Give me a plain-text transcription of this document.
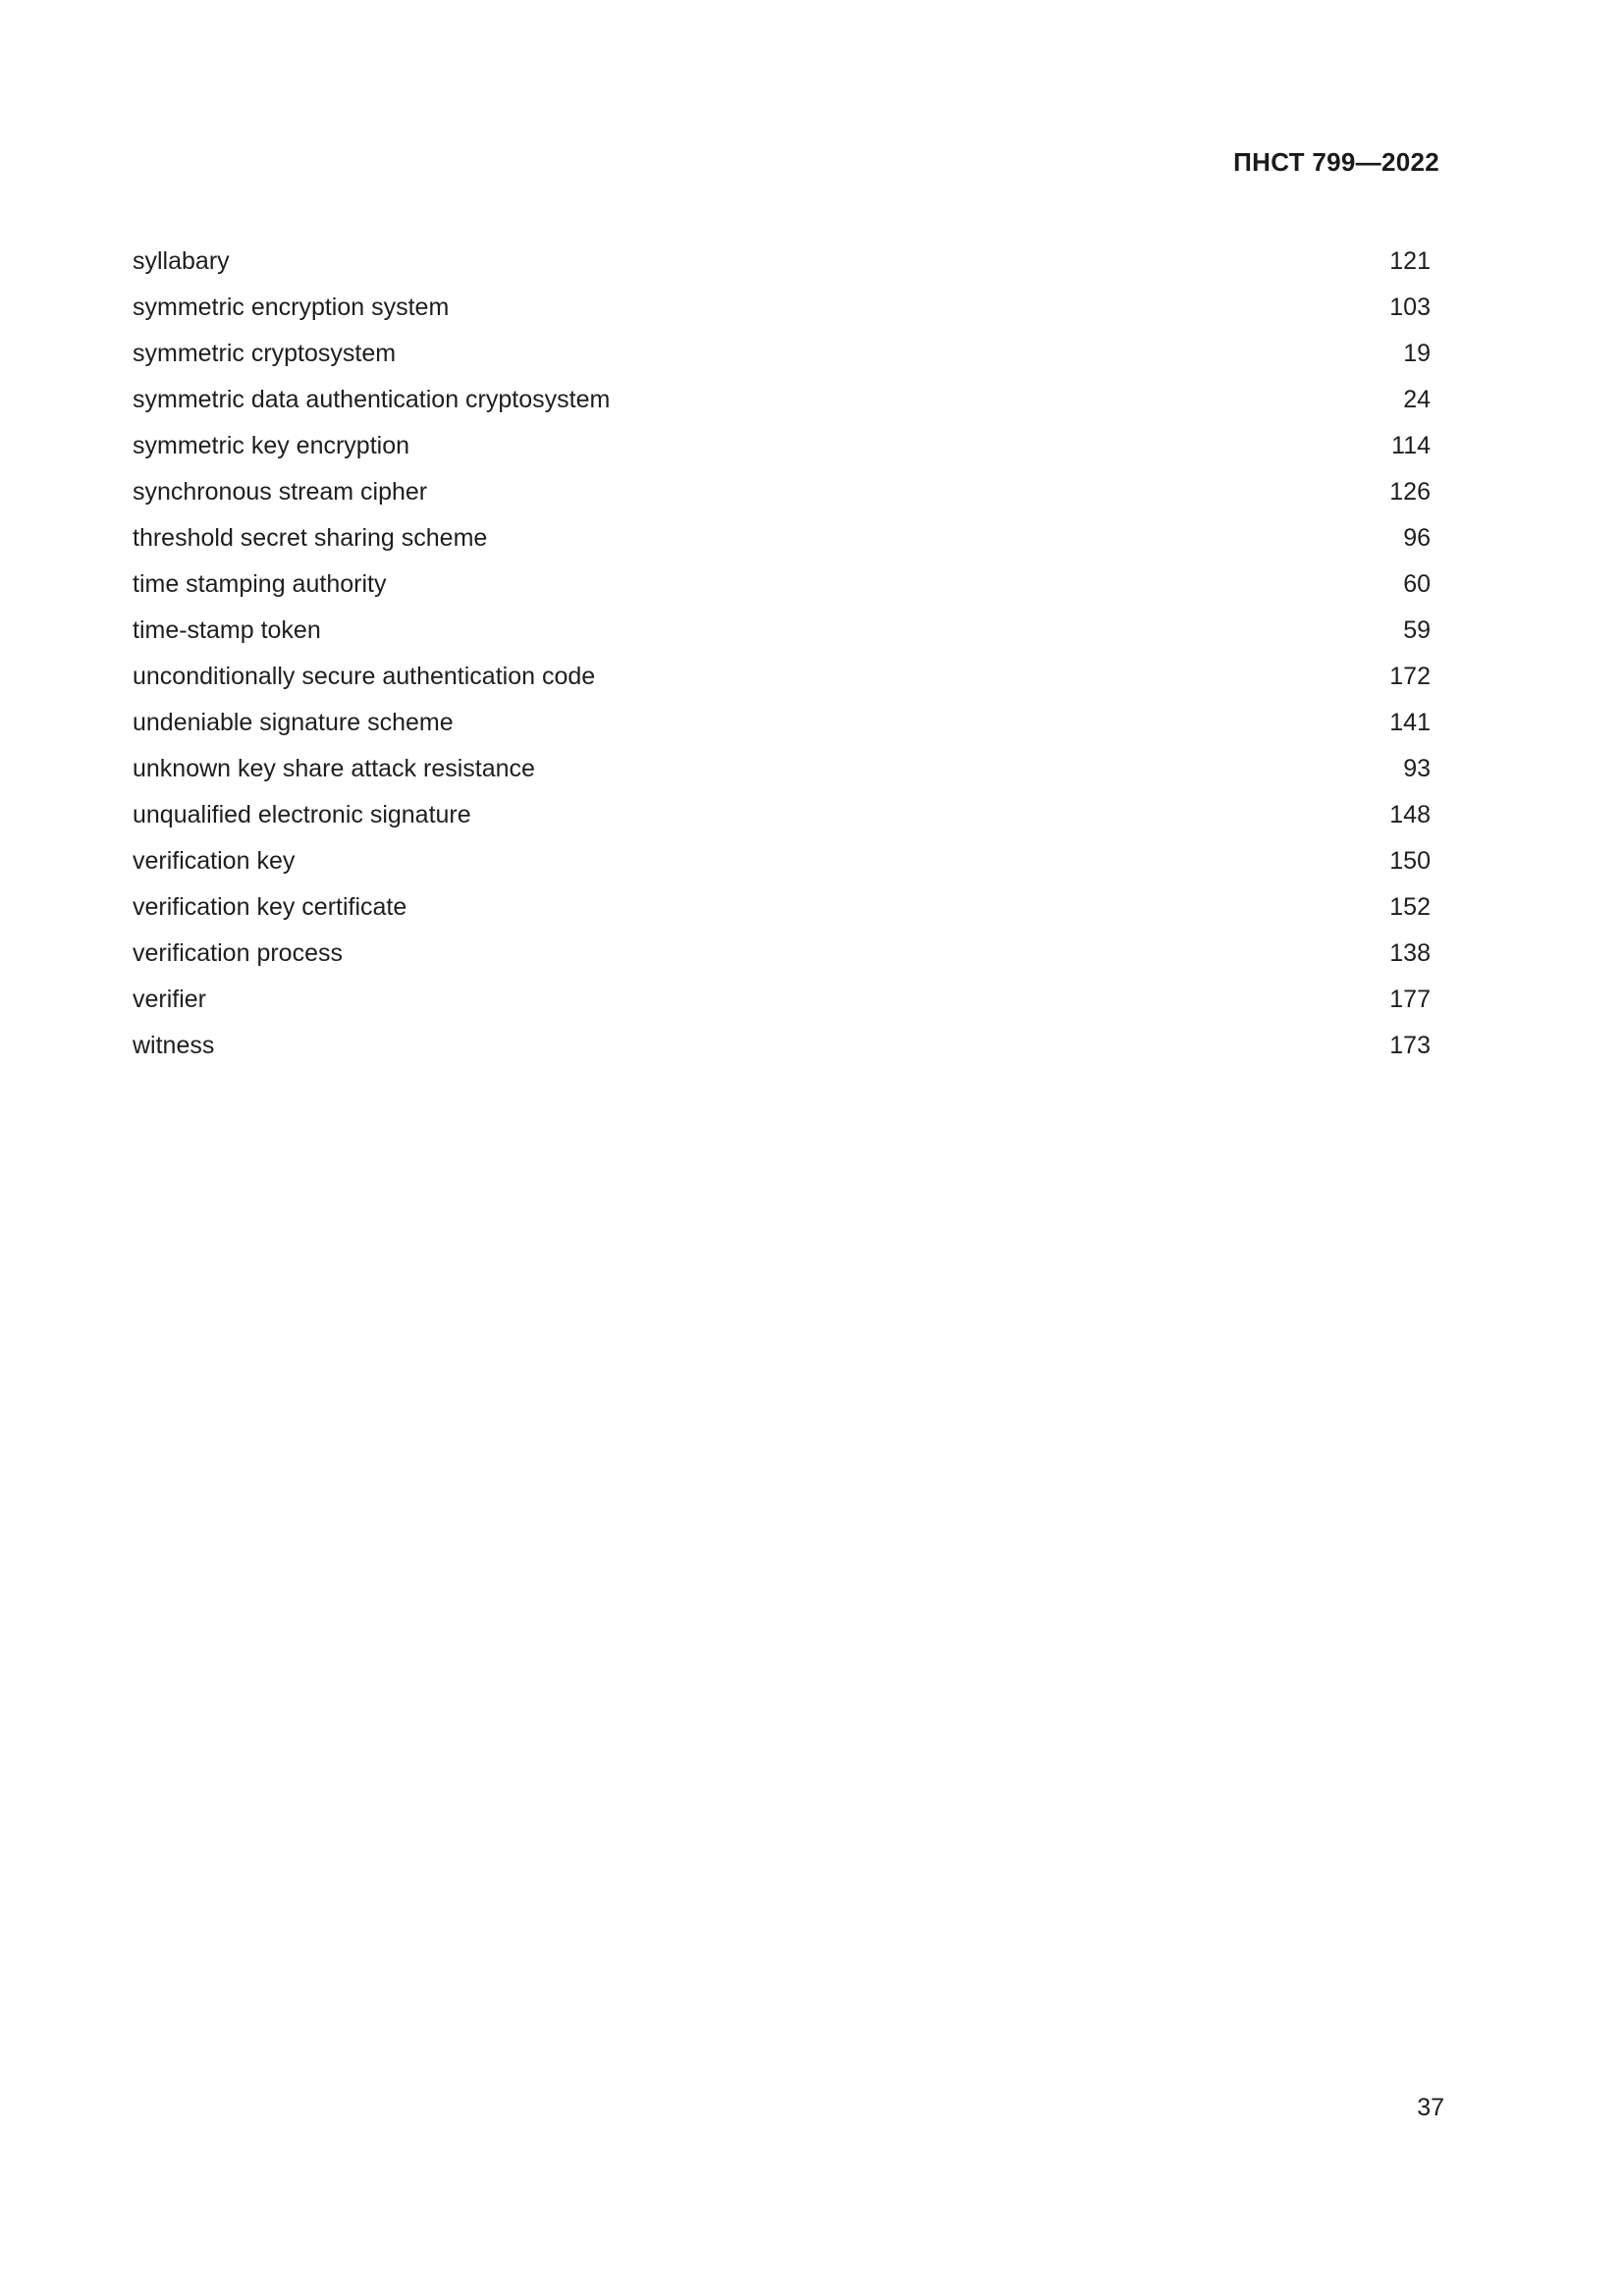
ПНСТ 799—2022
syllabary	121
symmetric encryption system	103
symmetric cryptosystem	19
symmetric data authentication cryptosystem	24
symmetric key encryption	114
synchronous stream cipher	126
threshold secret sharing scheme	96
time stamping authority	60
time-stamp token	59
unconditionally secure authentication code	172
undeniable signature scheme	141
unknown key share attack resistance	93
unqualified electronic signature	148
verification key	150
verification key certificate	152
verification process	138
verifier	177
witness	173
37
